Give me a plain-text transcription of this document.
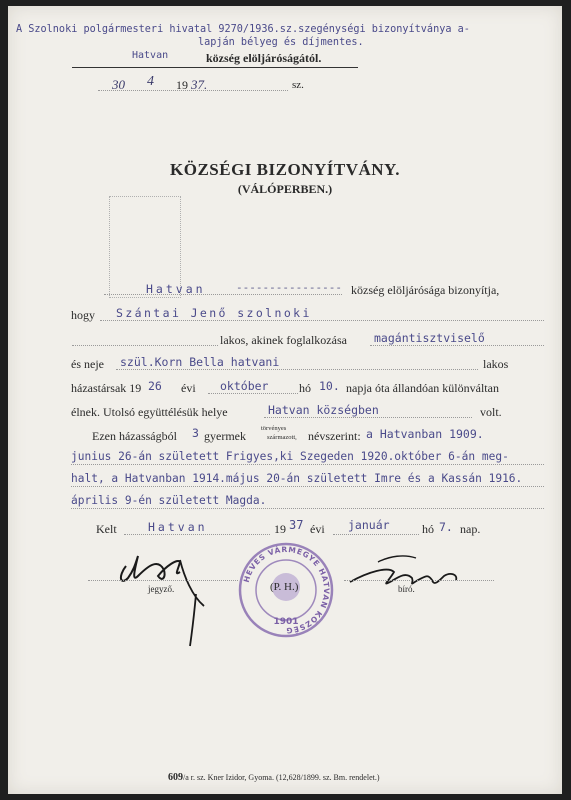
A Szolnoki polgármesteri hivatal 9270/1936.sz.szegénységi bizonyítványa a-
lapján bélyeg és díjmentes.
Hatvan	község elöljáróságától.
30 4 19 37.	sz.
KÖZSÉGI BIZONYÍTVÁNY.
(VÁLÓPERBEN.)
Hatvan	---------------- község elöljárósága bizonyítja,
hogy Szántai Jenő szolnoki
lakos, akinek foglalkozása magántisztviselő
és neje szül.Korn Bella hatvani	lakos
házastársak 19 26 évi október	hó 10. napja óta állandóan különváltan
élnek. Utolsó együttélésük helye	Hatvan községben	volt.
Ezen házasságból 3 gyermek
törvényes
származott, névszerint: a Hatvanban 1909.
junius 26-án született Frigyes,ki Szegeden 1920.október 6-án meg-
halt, a Hatvanban 1914.május 20-án született Imre és a Kassán 1916.
április 9-én született Magda.
Kelt	Hatvan	19 37 évi január	hó 7. nap.
jegyző.	bíró.
HEVES VÁRMEGYE HATVAN KÖZSÉG
1901
(P. H.)
609/a r. sz. Kner Izidor, Gyoma. (12,628/1899. sz. Bm. rendelet.)
